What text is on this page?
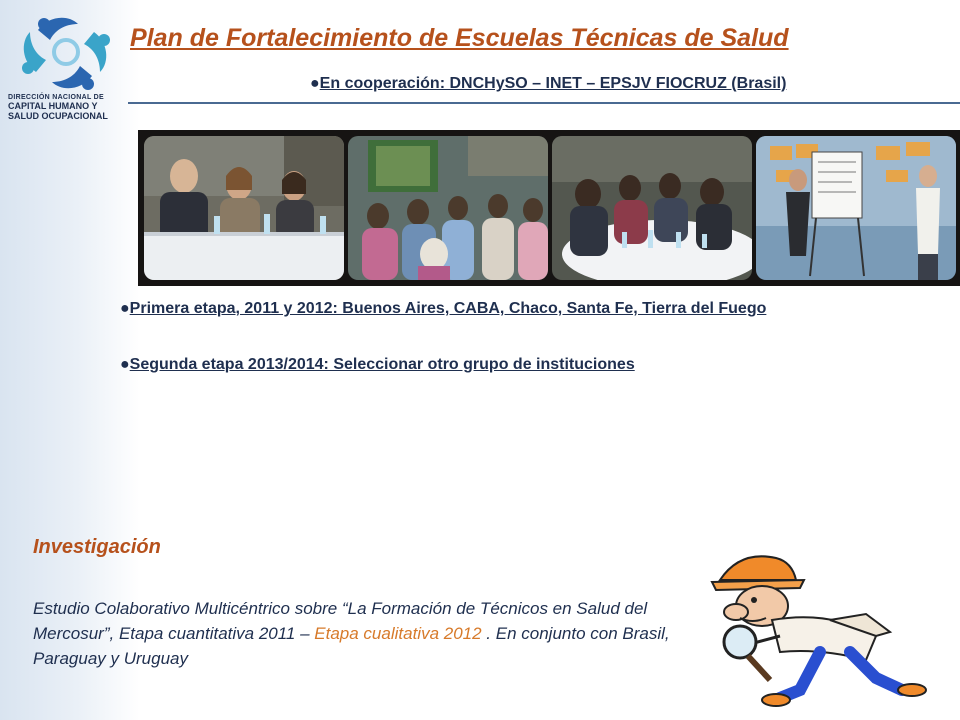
DIRECCIÓN NACIONAL DE
CAPITAL HUMANO Y
SALUD OCUPACIONAL
Plan de Fortalecimiento de Escuelas Técnicas de Salud
●En cooperación: DNCHySO – INET – EPSJV FIOCRUZ (Brasil)
●Primera etapa, 2011 y 2012: Buenos Aires, CABA, Chaco, Santa Fe, Tierra del Fuego
●Segunda etapa 2013/2014: Seleccionar otro grupo de instituciones
Investigación

Estudio Colaborativo Multicéntrico sobre “La Formación de Técnicos en Salud del Mercosur”, Etapa cuantitativa 2011 – Etapa cualitativa 2012 . En conjunto con Brasil, Paraguay y Uruguay
